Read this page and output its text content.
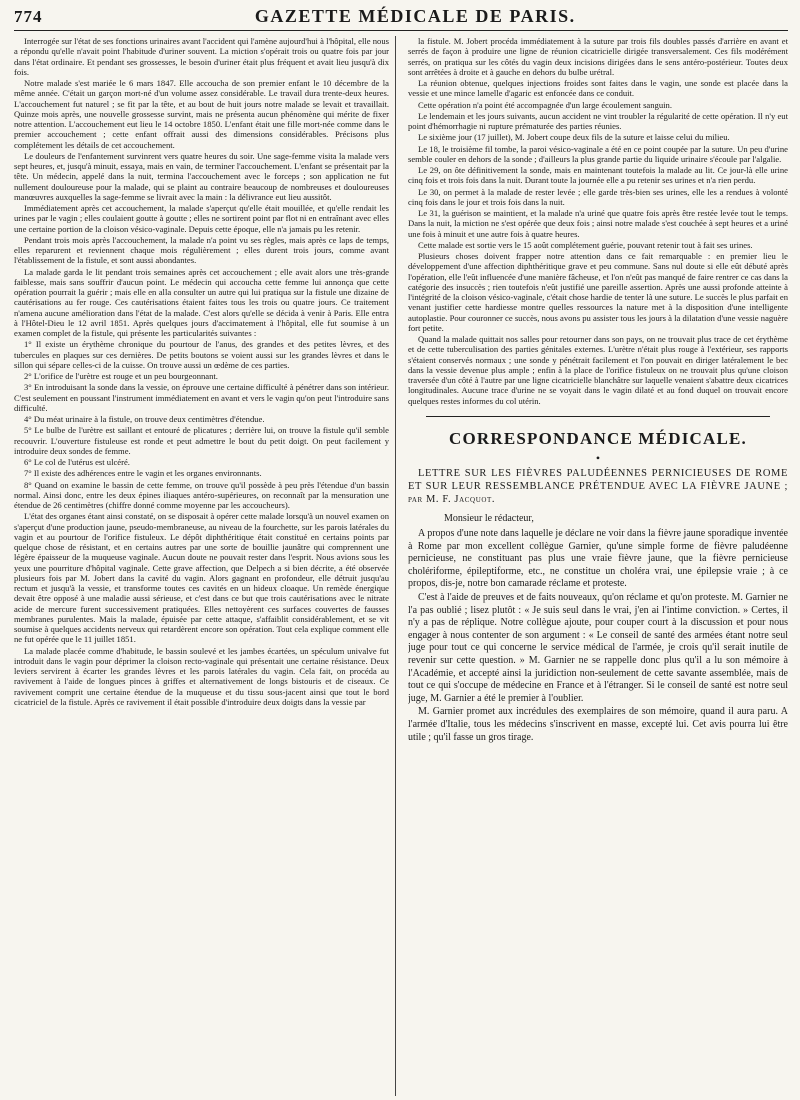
774	GAZETTE MÉDICALE DE PARIS.

Interrogée sur l'état de ses fonctions urinaires avant l'accident qui l'amène aujourd'hui à l'hôpital, elle nous a répondu qu'elle n'avait point l'habitude d'uriner souvent. La miction s'opérait trois ou quatre fois par jour dans l'état ordinaire. Et pendant ses grossesses, le besoin d'uriner était plus fréquent et avait lieu jusqu'à dix fois.

Notre malade s'est mariée le 6 mars 1847. Elle accoucha de son premier enfant le 10 décembre de la même année. C'était un garçon mort-né d'un volume assez considérable. Le travail dura trente-deux heures. L'accouchement fut naturel ; se fit par la tête, et au bout de huit jours notre malade se levait et travaillait. Quinze mois après, une nouvelle grossesse survint, mais ne présenta aucun phénomène qui mérite de fixer notre attention. L'accouchement eut lieu le 14 octobre 1850. L'enfant était une fille mort-née comme dans le premier accouchement ; cette enfant offrait aussi des dimensions considérables. Précisons plus complétement les détails de cet accouchement.

Le douleurs de l'enfantement survinrent vers quatre heures du soir. Une sage-femme visita la malade vers sept heures, et, jusqu'à minuit, essaya, mais en vain, de terminer l'accouchement. L'enfant se présentait par la tête. Un médecin, appelé dans la nuit, termina l'accouchement avec le forceps ; son application ne fut nullement douloureuse pour la malade, qui se plaint au contraire beaucoup de nombreuses et douloureuses manœuvres auxquelles la sage-femme se livrait avec la main : la délivrance eut lieu aussitôt.

Immédiatement après cet accouchement, la malade s'aperçut qu'elle était mouillée, et qu'elle rendait les urines par le vagin ; elles coulaient goutte à goutte ; elles ne sortirent point par flot ni en entraînant avec elles une certaine portion de la cloison vésico-vaginale. Depuis cette époque, elle n'a jamais pu les retenir.

Pendant trois mois après l'accouchement, la malade n'a point vu ses règles, mais après ce laps de temps, elles reparurent et reviennent chaque mois régulièrement ; elles durent trois jours, comme avant l'établissement de la fistule, et sont aussi abondantes.

La malade garda le lit pendant trois semaines après cet accouchement ; elle avait alors une très-grande faiblesse, mais sans souffrir d'aucun point. Le médecin qui accoucha cette femme lui annonça que cette opération pourrait la guérir ; mais elle en alla consulter un autre qui lui pratiqua sur la fistule une dizaine de cautérisations au fer rouge. Ces cautérisations étaient faites tous les trois ou quatre jours. Ce traitement n'amena aucune amélioration dans l'état de la malade. C'est alors qu'elle se décida à venir à Paris. Elle entra à l'Hôtel-Dieu le 12 avril 1851. Après quelques jours d'accimatement à l'hôpital, elle fut soumise à un examen complet de la fistule, qui présente les particularités suivantes :

1° Il existe un érythème chronique du pourtour de l'anus, des grandes et des petites lèvres, et des tubercules en plaques sur ces dernières. De petits boutons se voient aussi sur les grandes lèvres et dans le sillon qui sépare celles-ci de la cuisse. On trouve aussi un œdème de ces parties.

2° L'orifice de l'urètre est rouge et un peu bourgeonnant.

3° En introduisant la sonde dans la vessie, on éprouve une certaine difficulté à pénétrer dans son intérieur. C'est seulement en poussant l'instrument immédiatement en avant et vers le vagin qu'on peut l'introduire sans difficulté.

4° Du méat urinaire à la fistule, on trouve deux centimètres d'étendue.

5° Le bulbe de l'urètre est saillant et entouré de plicatures ; derrière lui, on trouve la fistule qu'il semble recouvrir. L'ouverture fistuleuse est ronde et peut admettre le bout du petit doigt. On peut facilement y introduire deux sondes de femme.

6° Le col de l'utérus est ulcéré.

7° Il existe des adhérences entre le vagin et les organes environnants.

8° Quand on examine le bassin de cette femme, on trouve qu'il possède à peu près l'étendue d'un bassin normal. Ainsi donc, entre les deux épines iliaques antéro-supérieures, on reconnaît par la mensuration une étendue de 26 centimètres (chiffre donné comme moyenne par les accoucheurs).

L'état des organes étant ainsi constaté, on se disposait à opérer cette malade lorsqu'à un nouvel examen on s'aperçut d'une production jaune, pseudo-membraneuse, au niveau de la fourchette, sur les parois latérales du vagin et au pourtour de l'orifice fistuleux. Le dépôt diphthéritique était constitué en certains points par quelque chose de résistant, et en certains autres par une sorte de bouillie jaunâtre qui comprennent une légère épaisseur de la muqueuse vaginale. Aucun doute ne pouvait rester dans l'esprit. Nous avions sous les yeux une pourriture d'hôpital vaginale. Cette grave affection, que Delpech a si bien décrite, a été observée plusieurs fois par M. Jobert dans la cavité du vagin. Alors gagnant en profondeur, elle détruit jusqu'au rectum et jusqu'à la vessie, et transforme toutes ces cavités en un hideux cloaque. Un remède énergique devait être opposé à une maladie aussi sérieuse, et c'est dans ce but que trois cautérisations avec le nitrate acide de mercure furent successivement pratiquées. Elles nettoyèrent ces surfaces couvertes de fausses membranes purulentes. Mais la malade, épuisée par cette attaque, s'affaiblit considérablement, et se vit soumise à quelques accidents nerveux qui retardèrent encore son opération. Tout cela explique comment elle ne fut opérée que le 11 juillet 1851.

La malade placée comme d'habitude, le bassin soulevé et les jambes écartées, un spéculum univalve fut introduit dans le vagin pour déprimer la cloison recto-vaginale qui présentait une certaine résistance. Deux leviers servirent à écarter les grandes lèvres et les parois latérales du vagin. Cela fait, on procéda au ravivement à l'aide de longues pinces à griffes et alternativement de longs bistouris et de ciseaux. Ce ravivement comprit une certaine étendue de la muqueuse et du tissu sous-jacent ainsi que tout le bord cicatriciel de la fistule. Après ce ravivement il était possible d'introduire deux doigts dans la vessie par

la fistule. M. Jobert procéda immédiatement à la suture par trois fils doubles passés d'arrière en avant et serrés de façon à produire une ligne de réunion cicatricielle dirigée transversalement. Ces fils modérément serrés, on pratiqua sur les côtés du vagin deux incisions dirigées dans le sens antéro-postérieur. Toutes deux sont arrêtées à droite et à gauche en dehors du bulbe urétral.

La réunion obtenue, quelques injections froides sont faites dans le vagin, une sonde est placée dans la vessie et une mince lamelle d'agaric est enfoncée dans ce conduit.

Cette opération n'a point été accompagnée d'un large écoulement sanguin.

Le lendemain et les jours suivants, aucun accident ne vint troubler la régularité de cette opération. Il n'y eut point d'hémorrhagie ni rupture prématurée des parties réunies.

Le sixième jour (17 juillet), M. Jobert coupe deux fils de la suture et laisse celui du milieu.

Le 18, le troisième fil tombe, la paroi vésico-vaginale a été en ce point coupée par la suture. Un peu d'urine semble couler en dehors de la sonde ; d'ailleurs la plus grande partie du liquide urinaire s'écoule par l'algalie.

Le 29, on ôte définitivement la sonde, mais en maintenant toutefois la malade au lit. Ce jour-là elle urine cinq fois et trois fois dans la nuit. Durant toute la journée elle a pu retenir ses urines et n'a rien perdu.

Le 30, on permet à la malade de rester levée ; elle garde très-bien ses urines, elle les a rendues à volonté cinq fois dans le jour et trois fois dans la nuit.

Le 31, la guérison se maintient, et la malade n'a uriné que quatre fois après être restée levée tout le temps. Dans la nuit, la miction ne s'est opérée que deux fois ; ainsi notre malade s'est couchée à sept heures et a uriné une fois à minuit et une autre fois à quatre heures.

Cette malade est sortie vers le 15 août complétement guérie, pouvant retenir tout à fait ses urines.

Plusieurs choses doivent frapper notre attention dans ce fait remarquable : en premier lieu le développement d'une affection diphthéritique grave et peu commune. Sans nul doute si elle eût débuté après l'opération, elle l'eût influencée d'une manière fâcheuse, et l'on n'eût pas manqué de faire rentrer ce cas dans la catégorie des insuccès ; rien toutefois n'eût justifié une pareille assertion. Après une aussi profonde atteinte à l'intégrité de la cloison vésico-vaginale, c'était chose hardie de tenter là une suture. Le succès le plus parfait en venant justifier cette hardiesse montre quelles ressources la nature met à la disposition d'une intelligente autoplastie. Pour couronner ce succès, nous avons pu assister tous les jours à la dilatation d'une vessie naguère fort petite.

Quand la malade quittait nos salles pour retourner dans son pays, on ne trouvait plus trace de cet érythème et de cette tuberculisation des parties génitales externes. L'urètre n'était plus rouge à l'extérieur, ses rapports s'étaient conservés normaux ; une sonde y pénétrait facilement et l'on pouvait en diriger latéralement le bec dans la vessie devenue plus ample ; enfin à la place de l'orifice fistuleux on ne trouvait plus qu'une cloison traversée d'un côté à l'autre par une ligne cicatricielle blanchâtre sur laquelle venaient s'abattre deux cicatrices longitudinales. Aucune trace d'urine ne se voyait dans le vagin dilaté et au fond duquel on trouvait encore quelques restes informes du col utérin.

CORRESPONDANCE MÉDICALE.
•
LETTRE SUR LES FIÈVRES PALUDÉENNES PERNICIEUSES DE ROME ET SUR LEUR RESSEMBLANCE PRÉTENDUE AVEC LA FIÈVRE JAUNE ; par M. F. Jacquot.

Monsieur le rédacteur,

A propos d'une note dans laquelle je déclare ne voir dans la fièvre jaune sporadique inventée à Rome par mon excellent collègue Garnier, qu'une simple forme de fièvre paludéenne pernicieuse, ne constituant pas plus une vraie fièvre jaune, que la fièvre pernicieuse cholériforme, épileptiforme, etc., ne constitue un choléra vrai, une épilepsie vraie ; à ce propos, dis-je, notre bon camarade réclame et proteste.

C'est à l'aide de preuves et de faits nouveaux, qu'on réclame et qu'on proteste. M. Garnier ne l'a pas oublié ; lisez plutôt : « Je suis seul dans le vrai, j'en ai l'intime conviction. » Certes, il n'y a pas de réplique. Notre collègue ajoute, pour couper court à la discussion et pour nous engager à nous contenter de son argument : « Le conseil de santé des armées étant notre seul juge pour tout ce qui concerne le service médical de l'armée, je crois qu'il serait inutile de revenir sur cette question. » M. Garnier ne se rappelle donc plus qu'il a lu son mémoire à l'Académie, et accepté ainsi la juridiction non-seulement de cette savante assemblée, mais de tout ce qui s'occupe de médecine en France et à l'étranger. Si le conseil de santé est notre seul juge, M. Garnier a été le premier à l'oublier.

M. Garnier promet aux incrédules des exemplaires de son mémoire, quand il aura paru. A l'armée d'Italie, tous les médecins s'inscrivent en masse, excepté lui. Cet avis pourra lui être utile ; qu'il fasse un gros tirage.
